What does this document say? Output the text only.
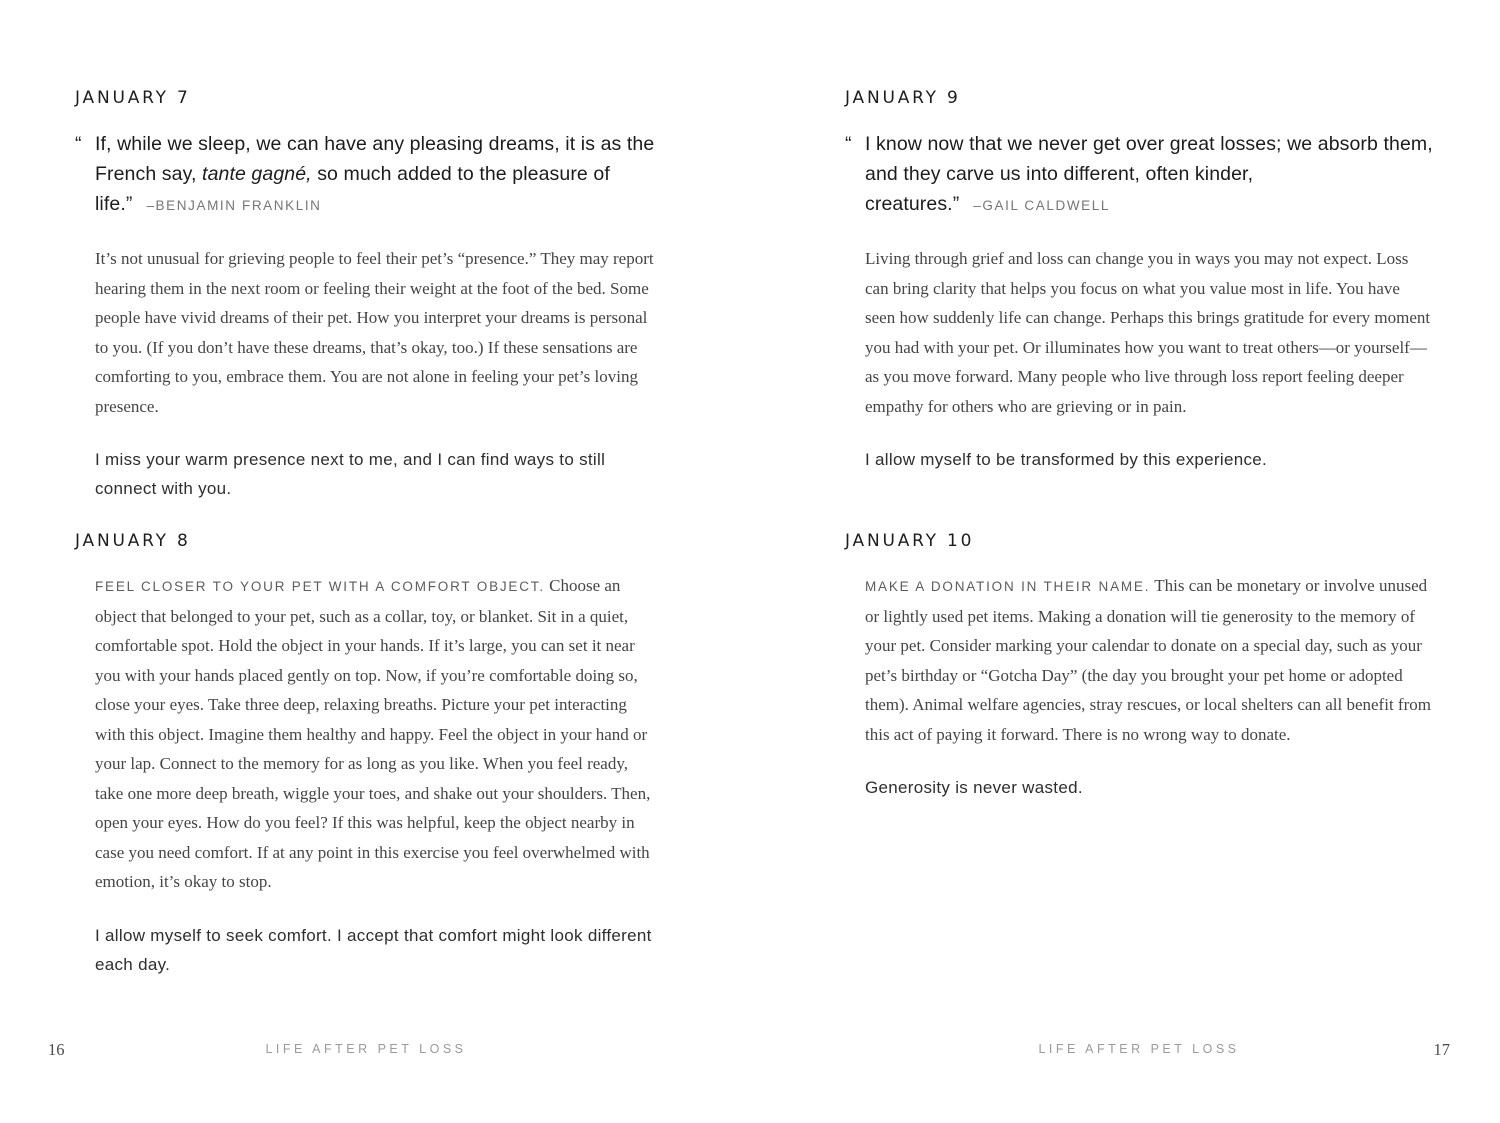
JANUARY 7

“ If, while we sleep, we can have any pleasing dreams, it is as the French say, tante gagné, so much added to the pleasure of life.” –BENJAMIN FRANKLIN

It’s not unusual for grieving people to feel their pet’s “presence.” They may report hearing them in the next room or feeling their weight at the foot of the bed. Some people have vivid dreams of their pet. How you interpret your dreams is personal to you. (If you don’t have these dreams, that’s okay, too.) If these sensations are comforting to you, embrace them. You are not alone in feeling your pet’s loving presence.

I miss your warm presence next to me, and I can find ways to still connect with you.

JANUARY 8

FEEL CLOSER TO YOUR PET WITH A COMFORT OBJECT. Choose an object that belonged to your pet, such as a collar, toy, or blanket. Sit in a quiet, comfortable spot. Hold the object in your hands. If it’s large, you can set it near you with your hands placed gently on top. Now, if you’re comfortable doing so, close your eyes. Take three deep, relaxing breaths. Picture your pet interacting with this object. Imagine them healthy and happy. Feel the object in your hand or your lap. Connect to the memory for as long as you like. When you feel ready, take one more deep breath, wiggle your toes, and shake out your shoulders. Then, open your eyes. How do you feel? If this was helpful, keep the object nearby in case you need comfort. If at any point in this exercise you feel overwhelmed with emotion, it’s okay to stop.

I allow myself to seek comfort. I accept that comfort might look different each day.

JANUARY 9

“ I know now that we never get over great losses; we absorb them, and they carve us into different, often kinder, creatures.” –GAIL CALDWELL

Living through grief and loss can change you in ways you may not expect. Loss can bring clarity that helps you focus on what you value most in life. You have seen how suddenly life can change. Perhaps this brings gratitude for every moment you had with your pet. Or illuminates how you want to treat others—or yourself—as you move forward. Many people who live through loss report feeling deeper empathy for others who are grieving or in pain.

I allow myself to be transformed by this experience.

JANUARY 10

MAKE A DONATION IN THEIR NAME. This can be monetary or involve unused or lightly used pet items. Making a donation will tie generosity to the memory of your pet. Consider marking your calendar to donate on a special day, such as your pet’s birthday or “Gotcha Day” (the day you brought your pet home or adopted them). Animal welfare agencies, stray rescues, or local shelters can all benefit from this act of paying it forward. There is no wrong way to donate.

Generosity is never wasted.

16	LIFE AFTER PET LOSS	LIFE AFTER PET LOSS	17
